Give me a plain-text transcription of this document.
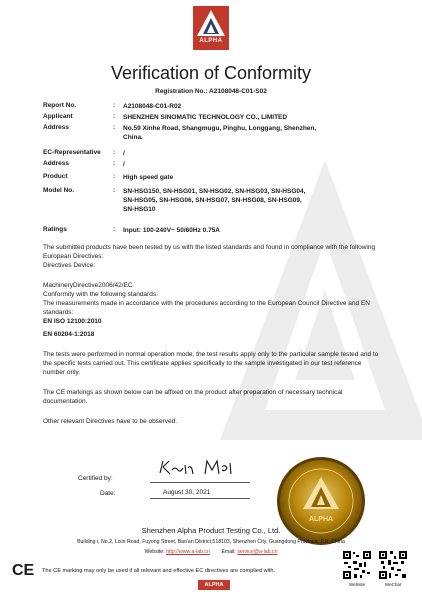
ALPHA
Verification of Conformity
Registration No.: A2108048-C01-S02
Report No.	: A2108048-C01-R02
Applicant	: SHENZHEN SINOMATIC TECHNOLOGY CO., LIMITED
Address	: No.59 Xinhe Road, Shangmugu, Pinghu, Longgang, Shenzhen,
China.
EC-Representative	: /
Address	: /
Product	: High speed gate
Model No.	: SN-HSG150, SN-HSG01, SN-HSG02, SN-HSG03, SN-HSG04,
SN-HSG05, SN-HSG06, SN-HSG07, SN-HSG08, SN-HSG09,
SN-HSG10
Ratings	: Input: 100-240V~ 50/60Hz 0.75A
The submitted products have been tested by us with the listed standards and found in compliance with the following European Directives:
Directives Device:
MachineryDirective2006/42/EC
Conformity with the following standards:
The measurements made in accordance with the procedures according to the European Council Directive and EN standards:
EN ISO 12100:2010
EN 60204-1:2018
The tests were performed in normal operation mode, the test results apply only to the particular sample tested and to the specific tests carried out. This certificate applies specifically to the sample investigated in our test reference number only.
The CE markings as shown below can be affixed on the product after preparation of necessary technical documentation.
Other relevant Directives have to be observed.
Certified by:
Date:	August 30, 2021
ALPHA
Shenzhen Alpha Product Testing Co., Ltd.
Building i, No.2, Lixin Road, Fuyong Street, Bao'an District,518103, Shenzhen City, Guangdong Province, P.R. China
Website: http://www.a-lab.cn Email: service@a-lab.cn
CE The CE marking may only be used if all relevant and effective EC directives are complied with.
ALPHA	Website	WeChat
